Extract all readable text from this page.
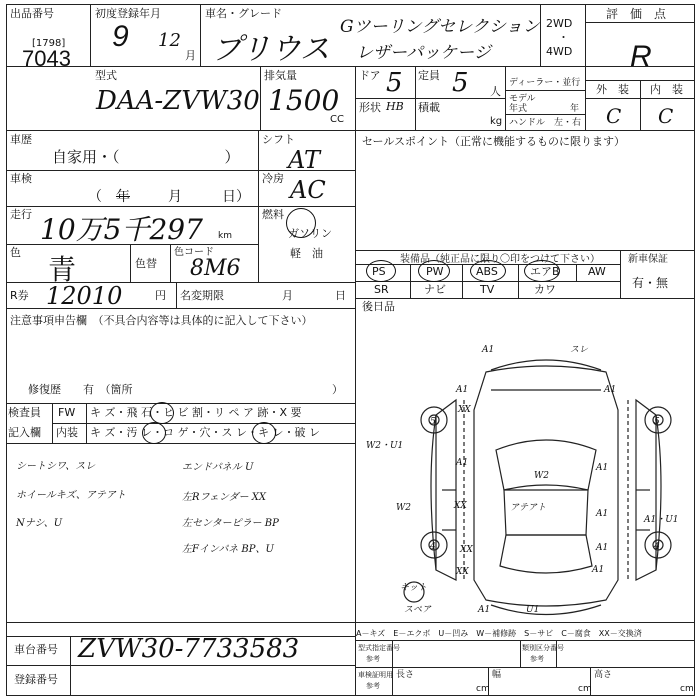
出品番号
[1798]
7043
初度登録年月
9 12
月
車名・グレード
プリウス
Gツーリングセレクション
レザーパッケージ
2WD
・
4WD
評　価　点
R
外　装 内　装
C C
型式
DAA-ZVW30
排気量
1500
CC
ドア 5 定員 5 人
形状 HB 積載
kg
ディーラー・並行
モデル
年式	年
ハンドル　左・右
車歴
自家用・（　　　　　　　）
車検
（ 年	月	日）
走行 10万5千297 km
色
青	色替
色コード
8M6
シフト
AT
冷房 AC
燃料
ガソリン
軽　油
R券 12010	円 名変期限	月	日
注意事項申告欄　（不具合内容等は具体的に記入して下さい）
修復歴　　有　（箇所	）
検査員
記入欄
FW キ ズ・飛 石・ヒ ビ 割・リ ペ ア 跡・X 要
内装 キ ズ・汚 レ・コ ゲ・穴・ス レ・キ レ・破 レ
シートシワ、スレ
ホイールキズ、アテアト
Nナシ、U
エンドパネル U
左Rフェンダー XX
左センターピラー BP
左Fインパネ BP、U
セールスポイント（正常に機能するものに限ります）
装備品（純正品に限り〇印をつけて下さい）	新車保証
有・無
PS	PW	ABS	エアB	AW
SR	ナビ	TV	カワ
後日品
A1	スレ
A1
XX
A1
5	5
W2・U1
A1
W2
A1
W2	XX
A1
XX
アテアト
A1
A1・U1
4	4
XX	A1
キット
スペア	A1	U1
A－キズ　E－エクボ　U－凹み　W－補修跡　S－サビ　C－腐食　XX－交換済
車台番号 ZVW30-7733583
登録番号
型式指定番号
参考
類別区分番号
参考
車検証明用
参考
長さ	幅	高さ
cm	cm	cm
